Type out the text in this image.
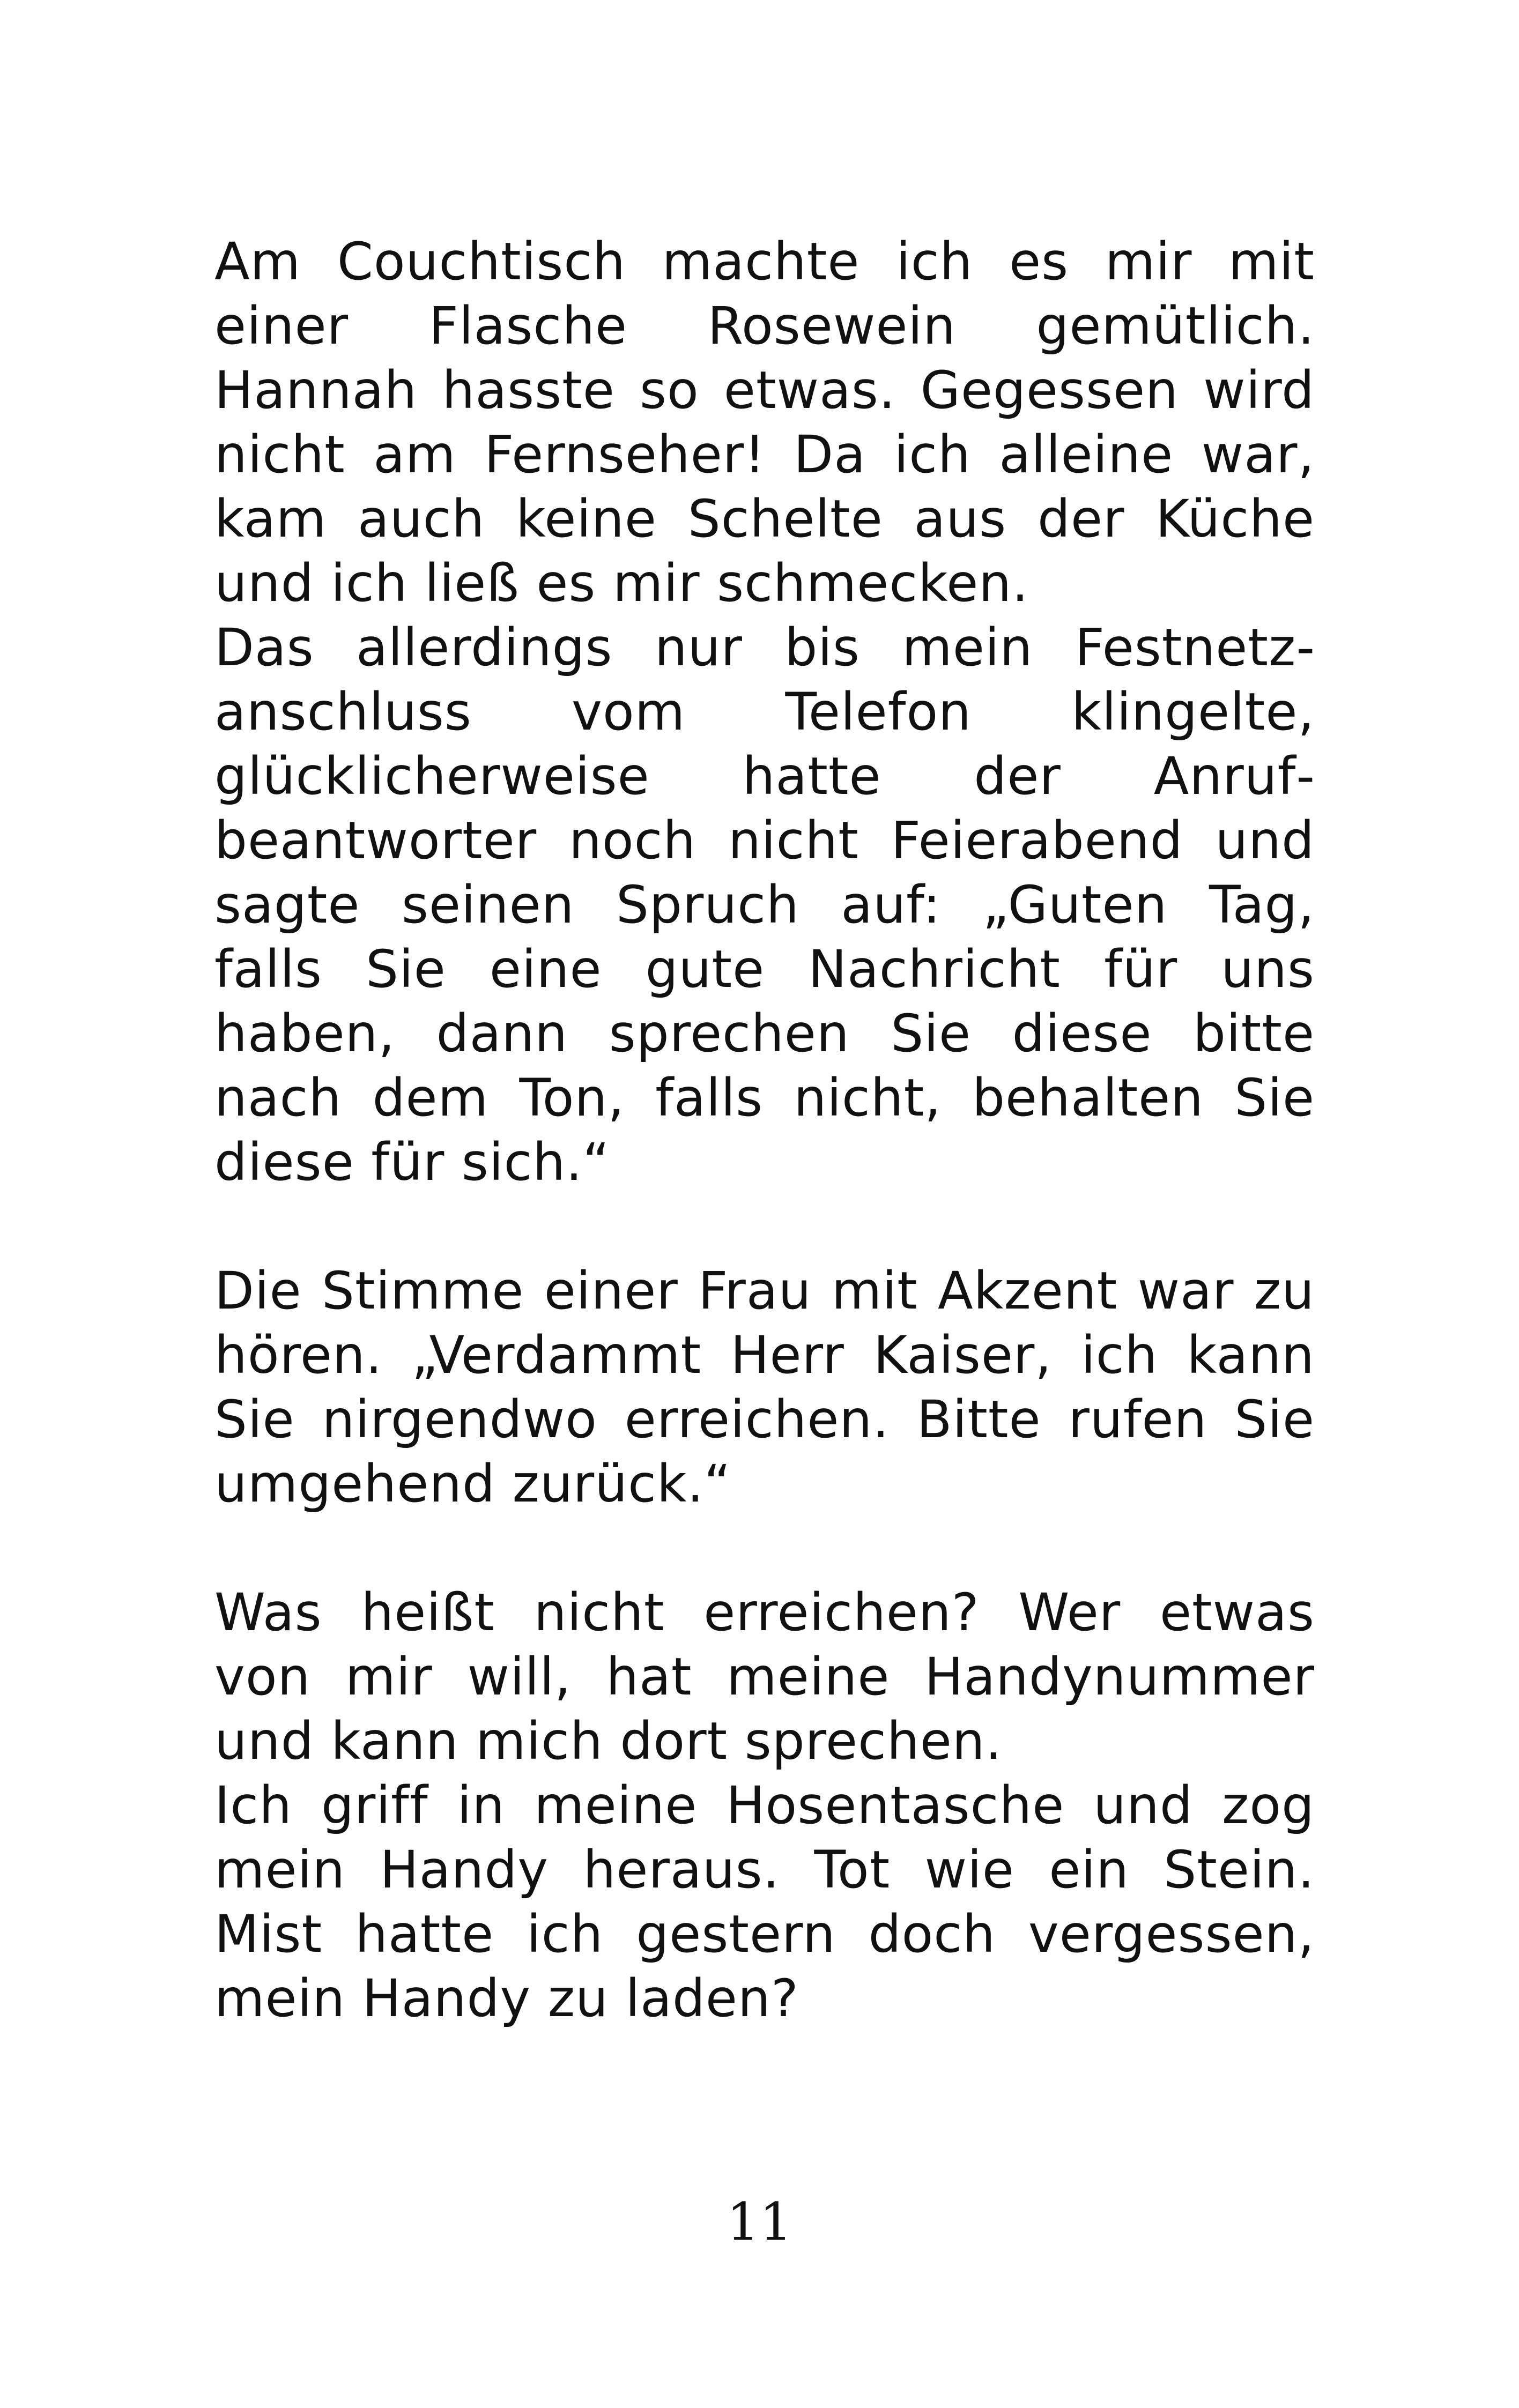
Am Couchtisch machte ich es mir mit einer Flasche Rosewein gemütlich. Hannah hasste so etwas. Gegessen wird nicht am Fernseher! Da ich alleine war, kam auch keine Schelte aus der Küche und ich ließ es mir schmecken.

Das allerdings nur bis mein Festnetzanschluss vom Telefon klingelte, glücklicherweise hatte der Anrufbeantworter noch nicht Feierabend und sagte seinen Spruch auf: „Guten Tag, falls Sie eine gute Nachricht für uns haben, dann sprechen Sie diese bitte nach dem Ton, falls nicht, behalten Sie diese für sich.“

Die Stimme einer Frau mit Akzent war zu hören. „Verdammt Herr Kaiser, ich kann Sie nirgendwo erreichen. Bitte rufen Sie umgehend zurück.“

Was heißt nicht erreichen? Wer etwas von mir will, hat meine Handynummer und kann mich dort sprechen.

Ich griff in meine Hosentasche und zog mein Handy heraus. Tot wie ein Stein. Mist hatte ich gestern doch vergessen, mein Handy zu laden?

11
